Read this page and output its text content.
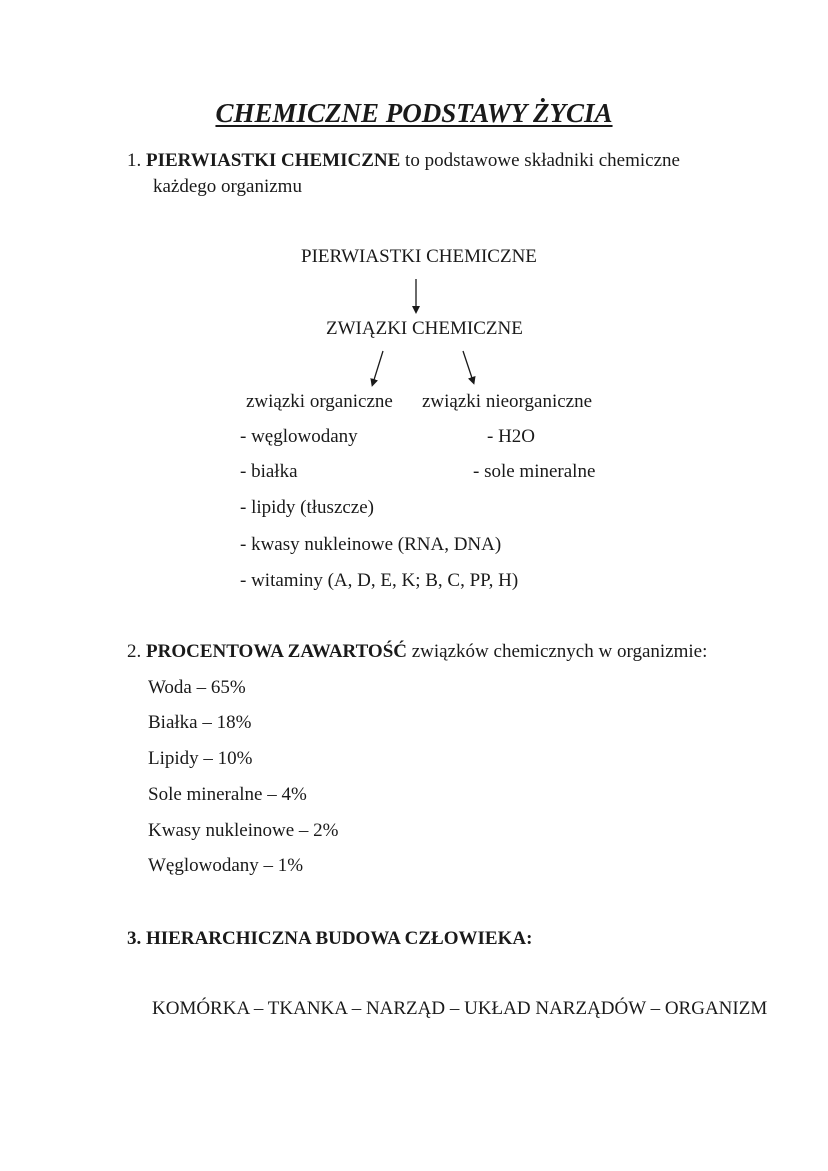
CHEMICZNE PODSTAWY ŻYCIA
1. PIERWIASTKI CHEMICZNE to podstawowe składniki chemiczne
każdego organizmu
PIERWIASTKI CHEMICZNE
ZWIĄZKI CHEMICZNE
związki organiczne związki nieorganiczne
- węglowodany
- białka
- lipidy (tłuszcze)
- kwasy nukleinowe (RNA, DNA)
- witaminy (A, D, E, K; B, C, PP, H)
- H2O
- sole mineralne
2. PROCENTOWA ZAWARTOŚĆ związków chemicznych w organizmie:
Woda – 65%
Białka – 18%
Lipidy – 10%
Sole mineralne – 4%
Kwasy nukleinowe – 2%
Węglowodany – 1%
3. HIERARCHICZNA BUDOWA CZŁOWIEKA:
KOMÓRKA – TKANKA – NARZĄD – UKŁAD NARZĄDÓW – ORGANIZM
